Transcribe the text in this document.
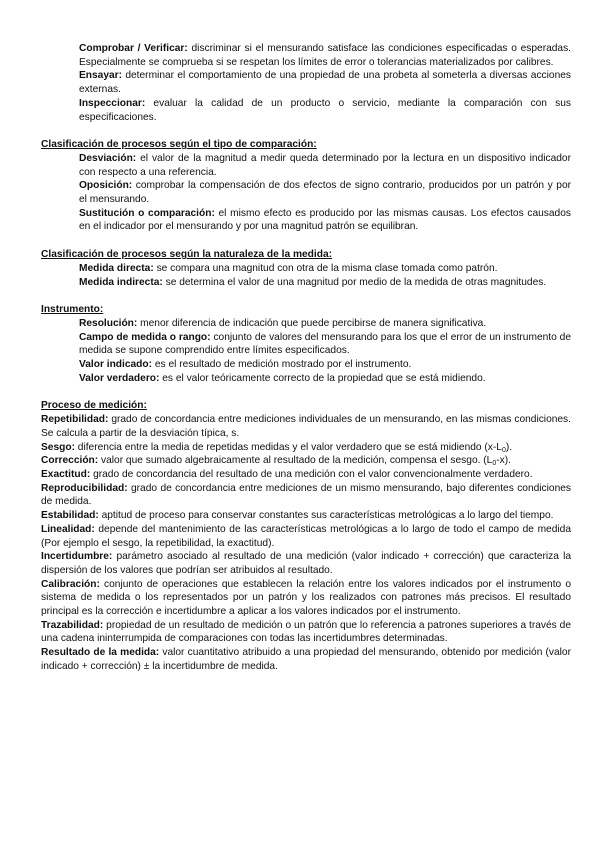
Comprobar / Verificar: discriminar si el mensurando satisface las condiciones especificadas o esperadas. Especialmente se comprueba si se respetan los límites de error o tolerancias materializados por calibres.

Ensayar: determinar el comportamiento de una propiedad de una probeta al someterla a diversas acciones externas.

Inspeccionar: evaluar la calidad de un producto o servicio, mediante la comparación con sus especificaciones.

Clasificación de procesos según el tipo de comparación:

Desviación: el valor de la magnitud a medir queda determinado por la lectura en un dispositivo indicador con respecto a una referencia.

Oposición: comprobar la compensación de dos efectos de signo contrario, producidos por un patrón y por el mensurando.

Sustitución o comparación: el mismo efecto es producido por las mismas causas. Los efectos causados en el indicador por el mensurando y por una magnitud patrón se equilibran.

Clasificación de procesos según la naturaleza de la medida:

Medida directa: se compara una magnitud con otra de la misma clase tomada como patrón.

Medida indirecta: se determina el valor de una magnitud por medio de la medida de otras magnitudes.

Instrumento:

Resolución: menor diferencia de indicación que puede percibirse de manera significativa.

Campo de medida o rango: conjunto de valores del mensurando para los que el error de un instrumento de medida se supone comprendido entre límites especificados.

Valor indicado: es el resultado de medición mostrado por el instrumento.

Valor verdadero: es el valor teóricamente correcto de la propiedad que se está midiendo.

Proceso de medición:

Repetibilidad: grado de concordancia entre mediciones individuales de un mensurando, en las mismas condiciones. Se calcula a partir de la desviación típica, s.

Sesgo: diferencia entre la media de repetidas medidas y el valor verdadero que se está midiendo $(x-L_0)$.

Corrección: valor que sumado algebraicamente al resultado de la medición, compensa el sesgo. $(L_0-x)$.

Exactitud: grado de concordancia del resultado de una medición con el valor convencionalmente verdadero.

Reproducibilidad: grado de concordancia entre mediciones de un mismo mensurando, bajo diferentes condiciones de medida.

Estabilidad: aptitud de proceso para conservar constantes sus características metrológicas a lo largo del tiempo.

Linealidad: depende del mantenimiento de las características metrológicas a lo largo de todo el campo de medida (Por ejemplo el sesgo, la repetibilidad, la exactitud).

Incertidumbre: parámetro asociado al resultado de una medición (valor indicado + corrección) que caracteriza la dispersión de los valores que podrían ser atribuidos al resultado.

Calibración: conjunto de operaciones que establecen la relación entre los valores indicados por el instrumento o sistema de medida o los representados por un patrón y los realizados con patrones más precisos. El resultado principal es la corrección e incertidumbre a aplicar a los valores indicados por el instrumento.

Trazabilidad: propiedad de un resultado de medición o un patrón que lo referencia a patrones superiores a través de una cadena ininterrumpida de comparaciones con todas las incertidumbres determinadas.

Resultado de la medida: valor cuantitativo atribuido a una propiedad del mensurando, obtenido por medición (valor indicado + corrección) ± la incertidumbre de medida.
